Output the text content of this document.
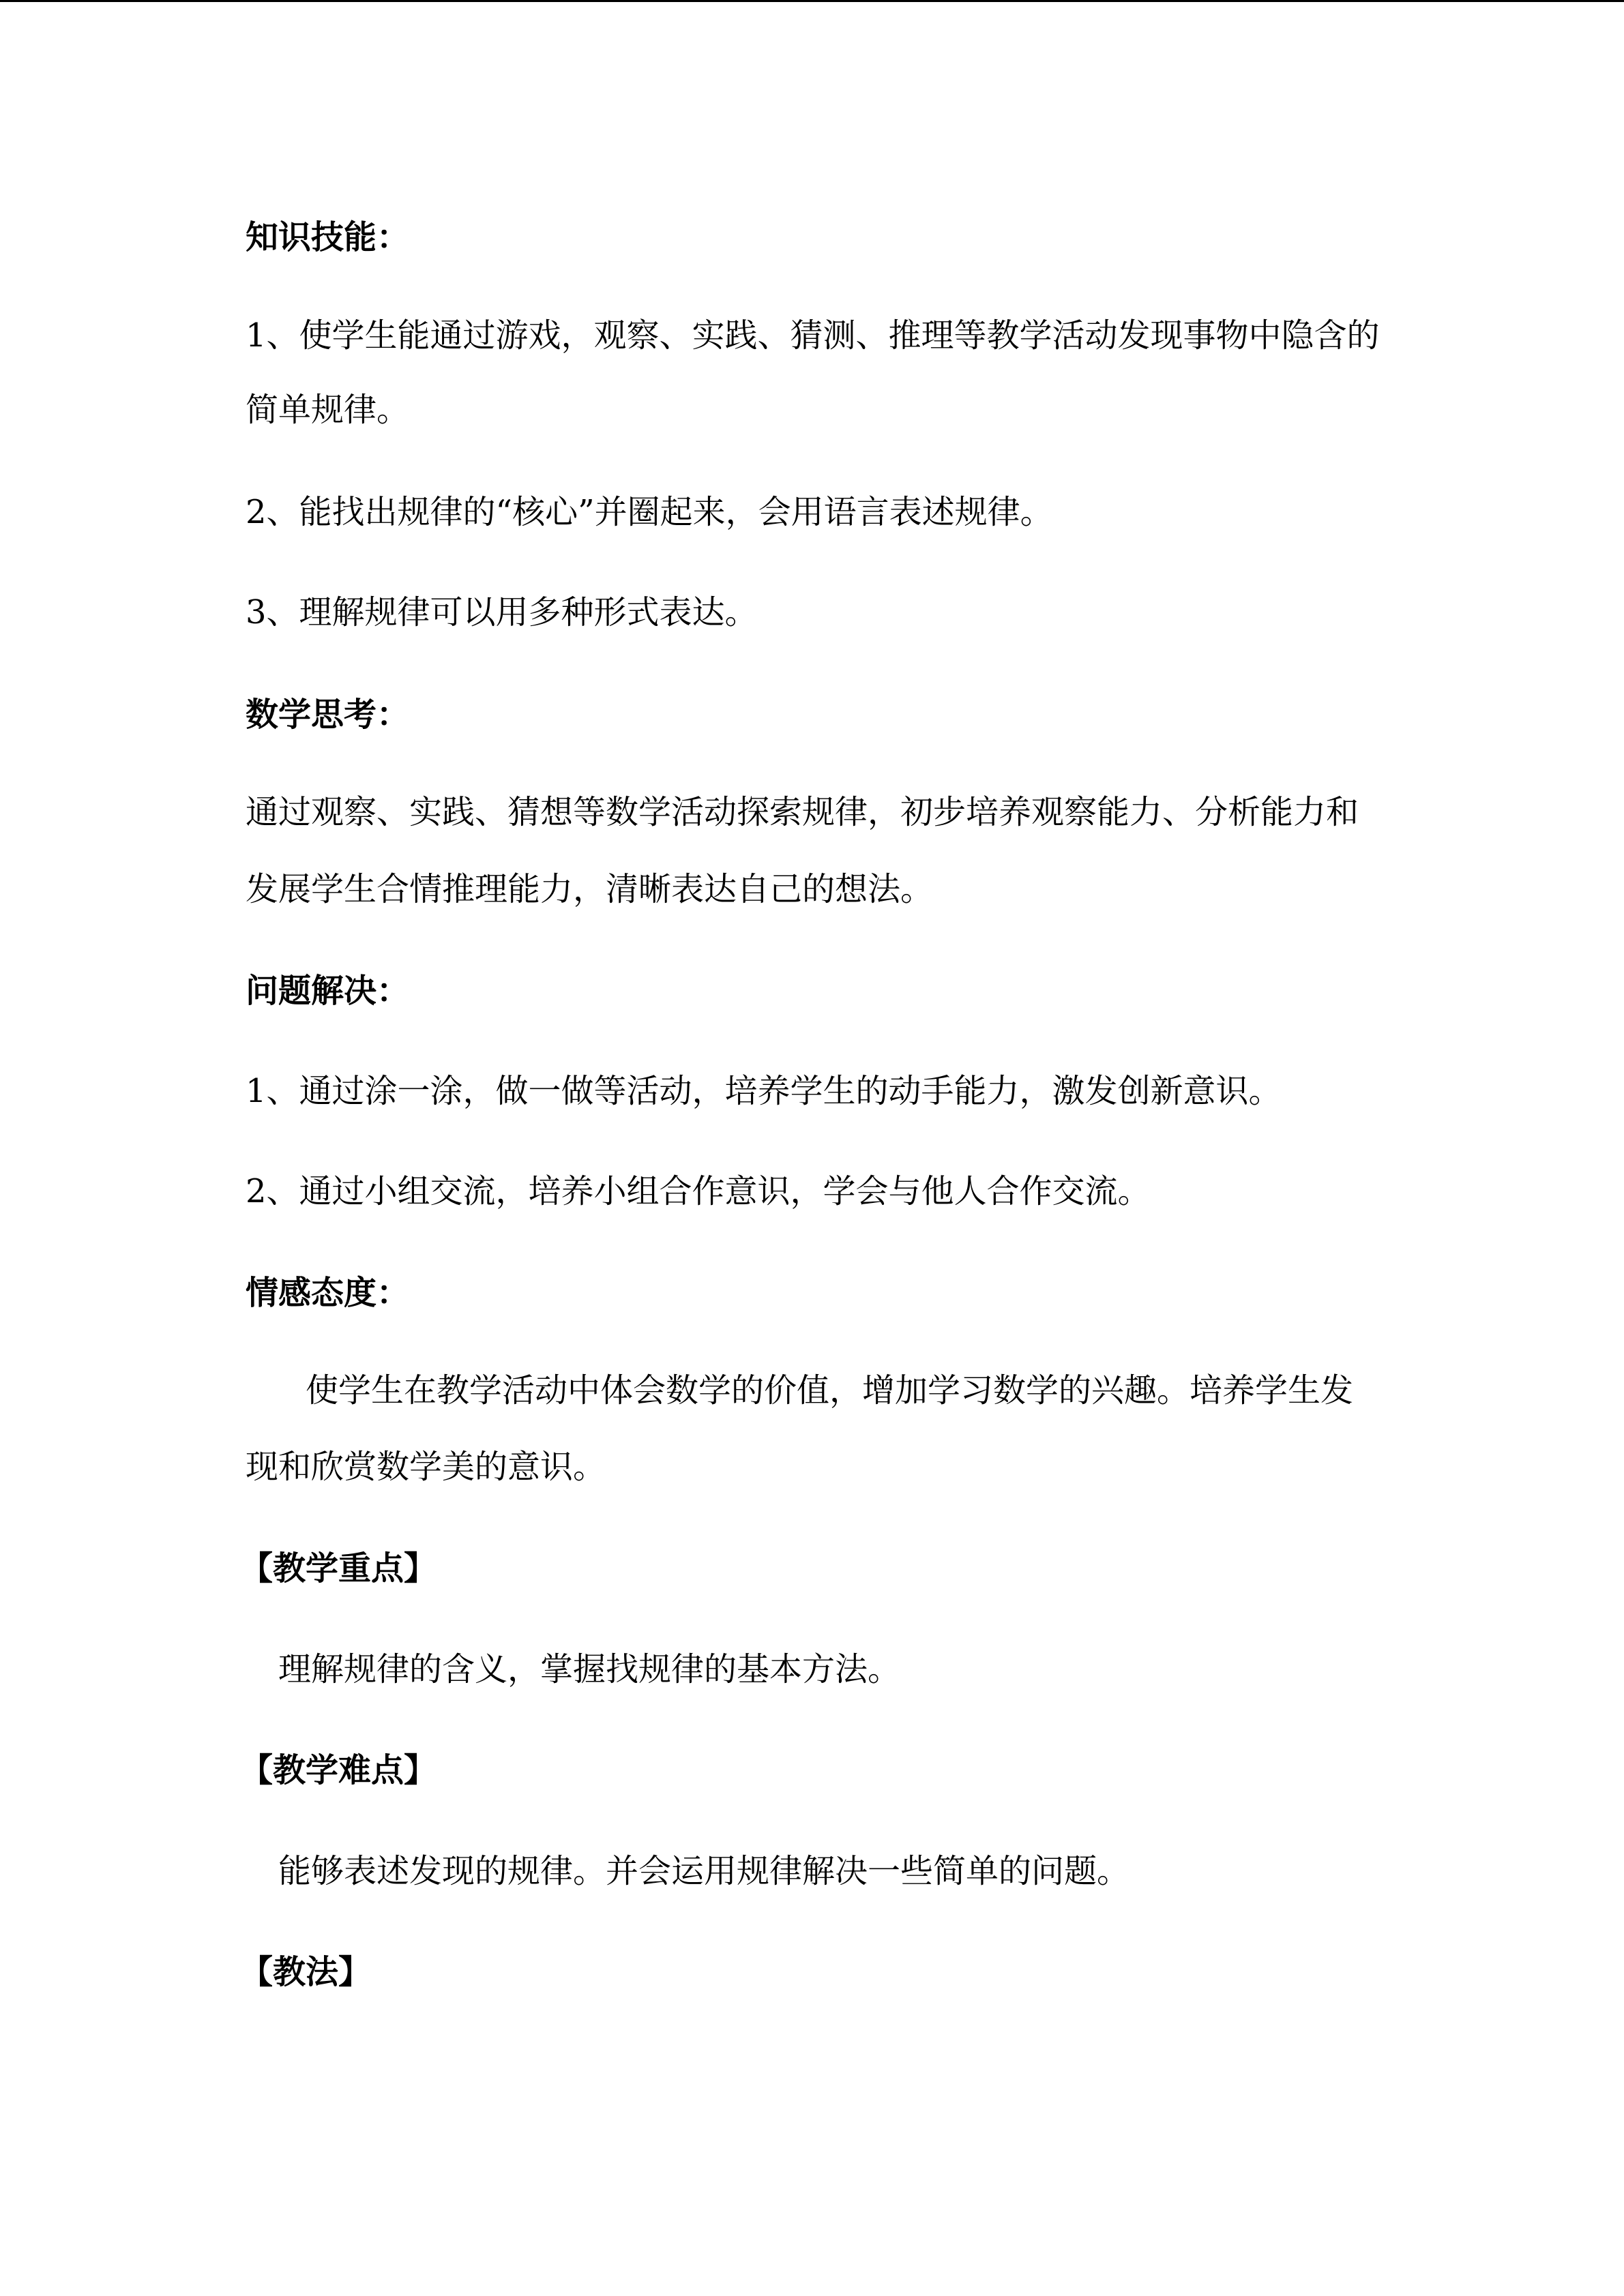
知识技能：

1、使学生能通过游戏，观察、实践、猜测、推理等教学活动发现事物中隐含的

简单规律。

2、能找出规律的“核心”并圈起来，会用语言表述规律。

3、理解规律可以用多种形式表达。

数学思考：

通过观察、实践、猜想等数学活动探索规律，初步培养观察能力、分析能力和

发展学生合情推理能力，清晰表达自己的想法。

问题解决：

1、通过涂一涂，做一做等活动，培养学生的动手能力，激发创新意识。

2、通过小组交流，培养小组合作意识，学会与他人合作交流。

情感态度：

使学生在教学活动中体会数学的价值，增加学习数学的兴趣。培养学生发

现和欣赏数学美的意识。

【教学重点】

理解规律的含义，掌握找规律的基本方法。

【教学难点】

能够表述发现的规律。并会运用规律解决一些简单的问题。

【教法】
